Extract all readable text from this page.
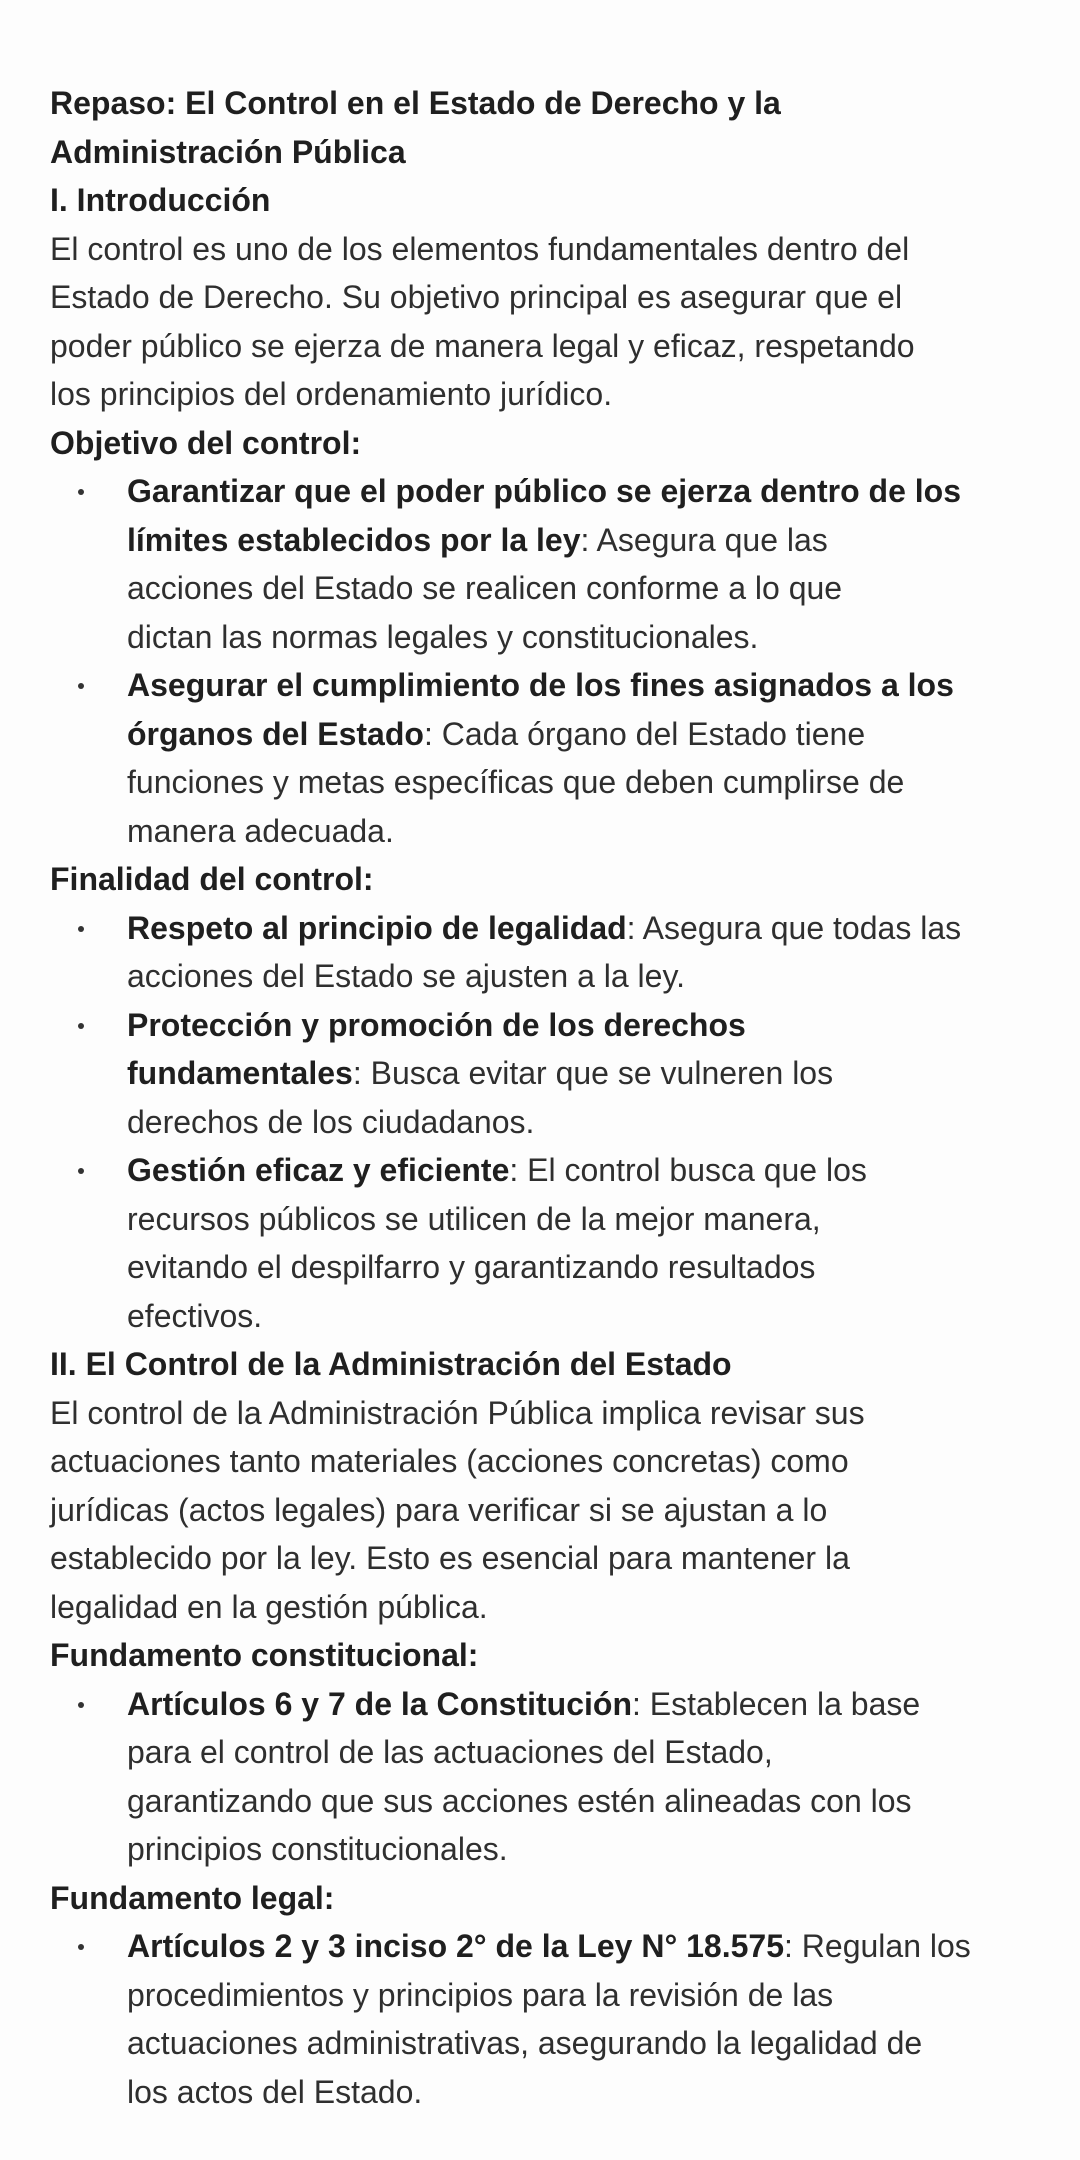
Repaso: El Control en el Estado de Derecho y la
Administración Pública
I. Introducción
El control es uno de los elementos fundamentales dentro del
Estado de Derecho. Su objetivo principal es asegurar que el
poder público se ejerza de manera legal y eficaz, respetando
los principios del ordenamiento jurídico.
Objetivo del control:
Garantizar que el poder público se ejerza dentro de los
límites establecidos por la ley: Asegura que las
acciones del Estado se realicen conforme a lo que
dictan las normas legales y constitucionales.
Asegurar el cumplimiento de los fines asignados a los
órganos del Estado: Cada órgano del Estado tiene
funciones y metas específicas que deben cumplirse de
manera adecuada.
Finalidad del control:
Respeto al principio de legalidad: Asegura que todas las
acciones del Estado se ajusten a la ley.
Protección y promoción de los derechos
fundamentales: Busca evitar que se vulneren los
derechos de los ciudadanos.
Gestión eficaz y eficiente: El control busca que los
recursos públicos se utilicen de la mejor manera,
evitando el despilfarro y garantizando resultados
efectivos.
II. El Control de la Administración del Estado
El control de la Administración Pública implica revisar sus
actuaciones tanto materiales (acciones concretas) como
jurídicas (actos legales) para verificar si se ajustan a lo
establecido por la ley. Esto es esencial para mantener la
legalidad en la gestión pública.
Fundamento constitucional:
Artículos 6 y 7 de la Constitución: Establecen la base
para el control de las actuaciones del Estado,
garantizando que sus acciones estén alineadas con los
principios constitucionales.
Fundamento legal:
Artículos 2 y 3 inciso 2° de la Ley N° 18.575: Regulan los
procedimientos y principios para la revisión de las
actuaciones administrativas, asegurando la legalidad de
los actos del Estado.
